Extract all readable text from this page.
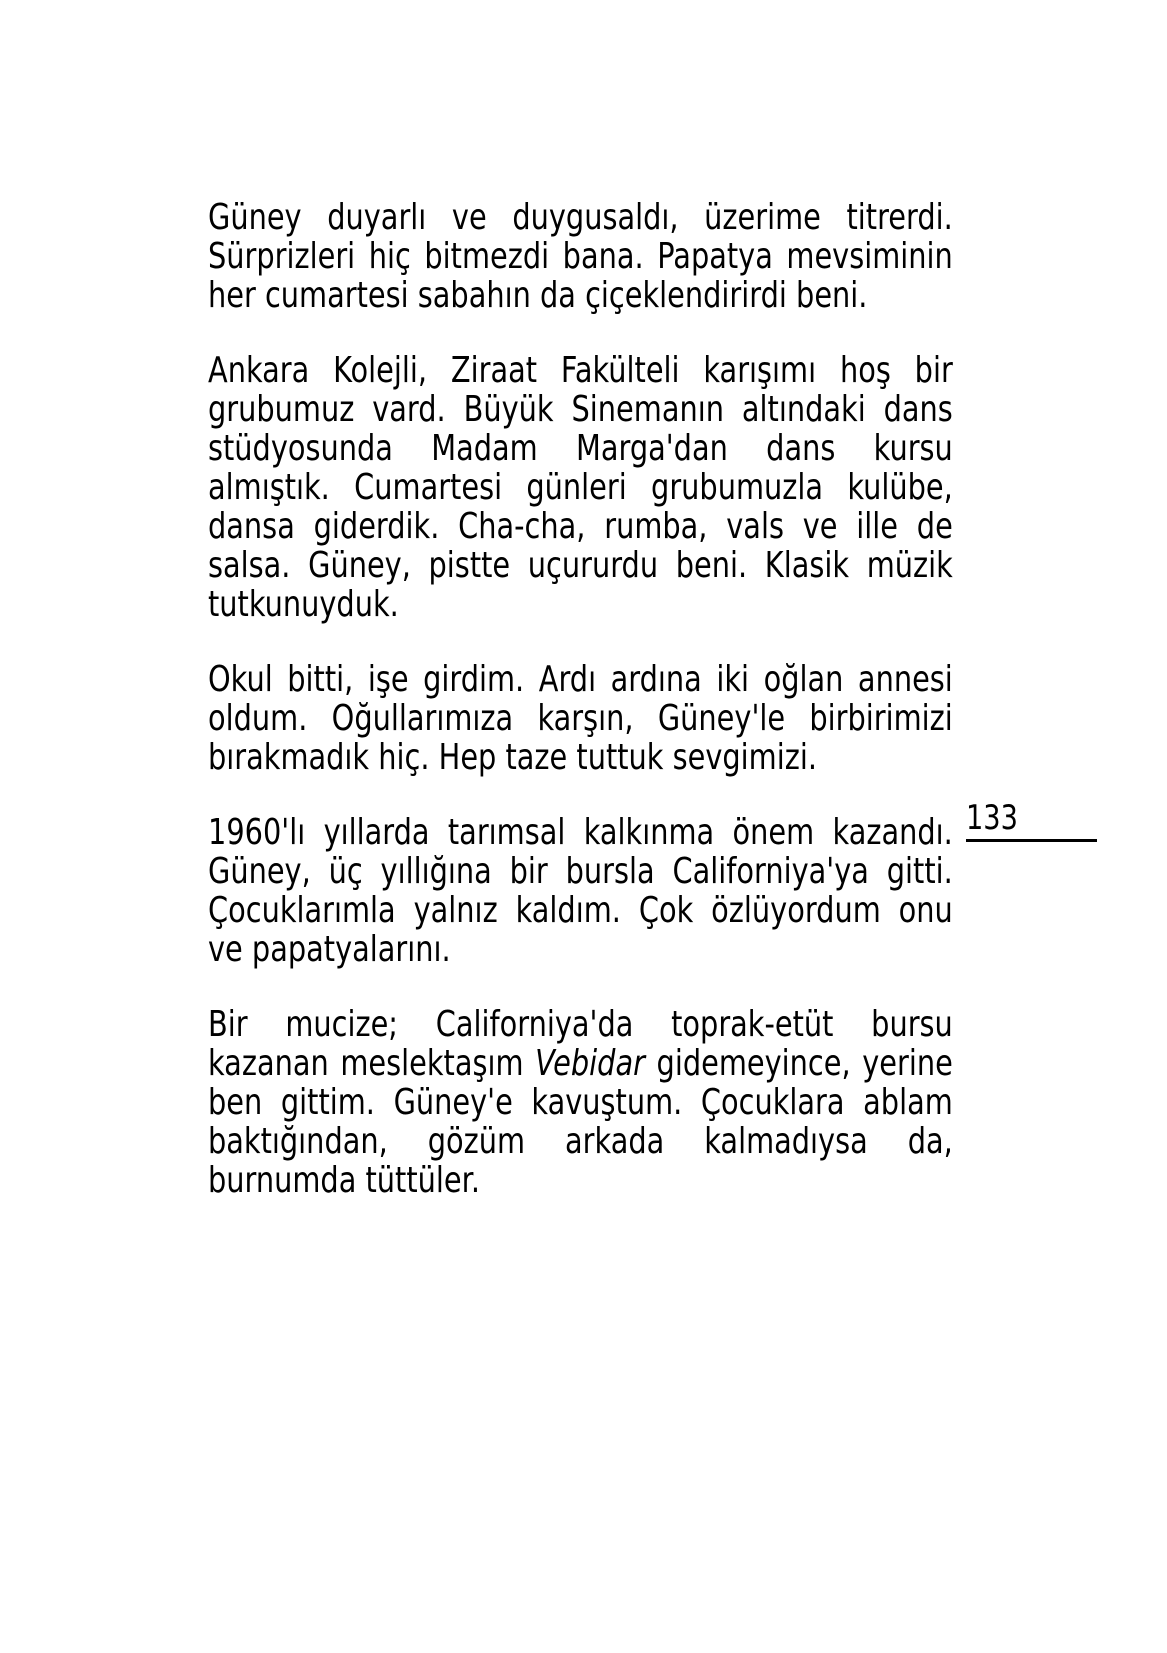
Güney duyarlı ve duygusaldı, üzerime titrerdi. Sürprizleri hiç bitmezdi bana. Papatya mevsiminin her cumartesi sabahın da çiçeklendirirdi beni.

Ankara Kolejli, Ziraat Fakülteli karışımı hoş bir grubumuz vard. Büyük Sinemanın altındaki dans stüdyosunda Madam Marga'dan dans kursu almıştık. Cumartesi günleri grubumuzla kulübe, dansa giderdik. Cha-cha, rumba, vals ve ille de salsa. Güney, pistte uçururdu beni. Klasik müzik tutkunuyduk.

Okul bitti, işe girdim. Ardı ardına iki oğlan annesi oldum. Oğullarımıza karşın, Güney'le birbirimizi bırakmadık hiç. Hep taze tuttuk sevgimizi.

1960'lı yıllarda tarımsal kalkınma önem kazandı. Güney, üç yıllığına bir bursla Californiya'ya gitti. Çocuklarımla yalnız kaldım. Çok özlüyordum onu ve papatyalarını.

Bir mucize; Californiya'da toprak-etüt bursu kazanan meslektaşım Vebidar gidemeyince, yerine ben gittim. Güney'e kavuştum. Çocuklara ablam baktığından, gözüm arkada kalmadıysa da, burnumda tüttüler.

133
